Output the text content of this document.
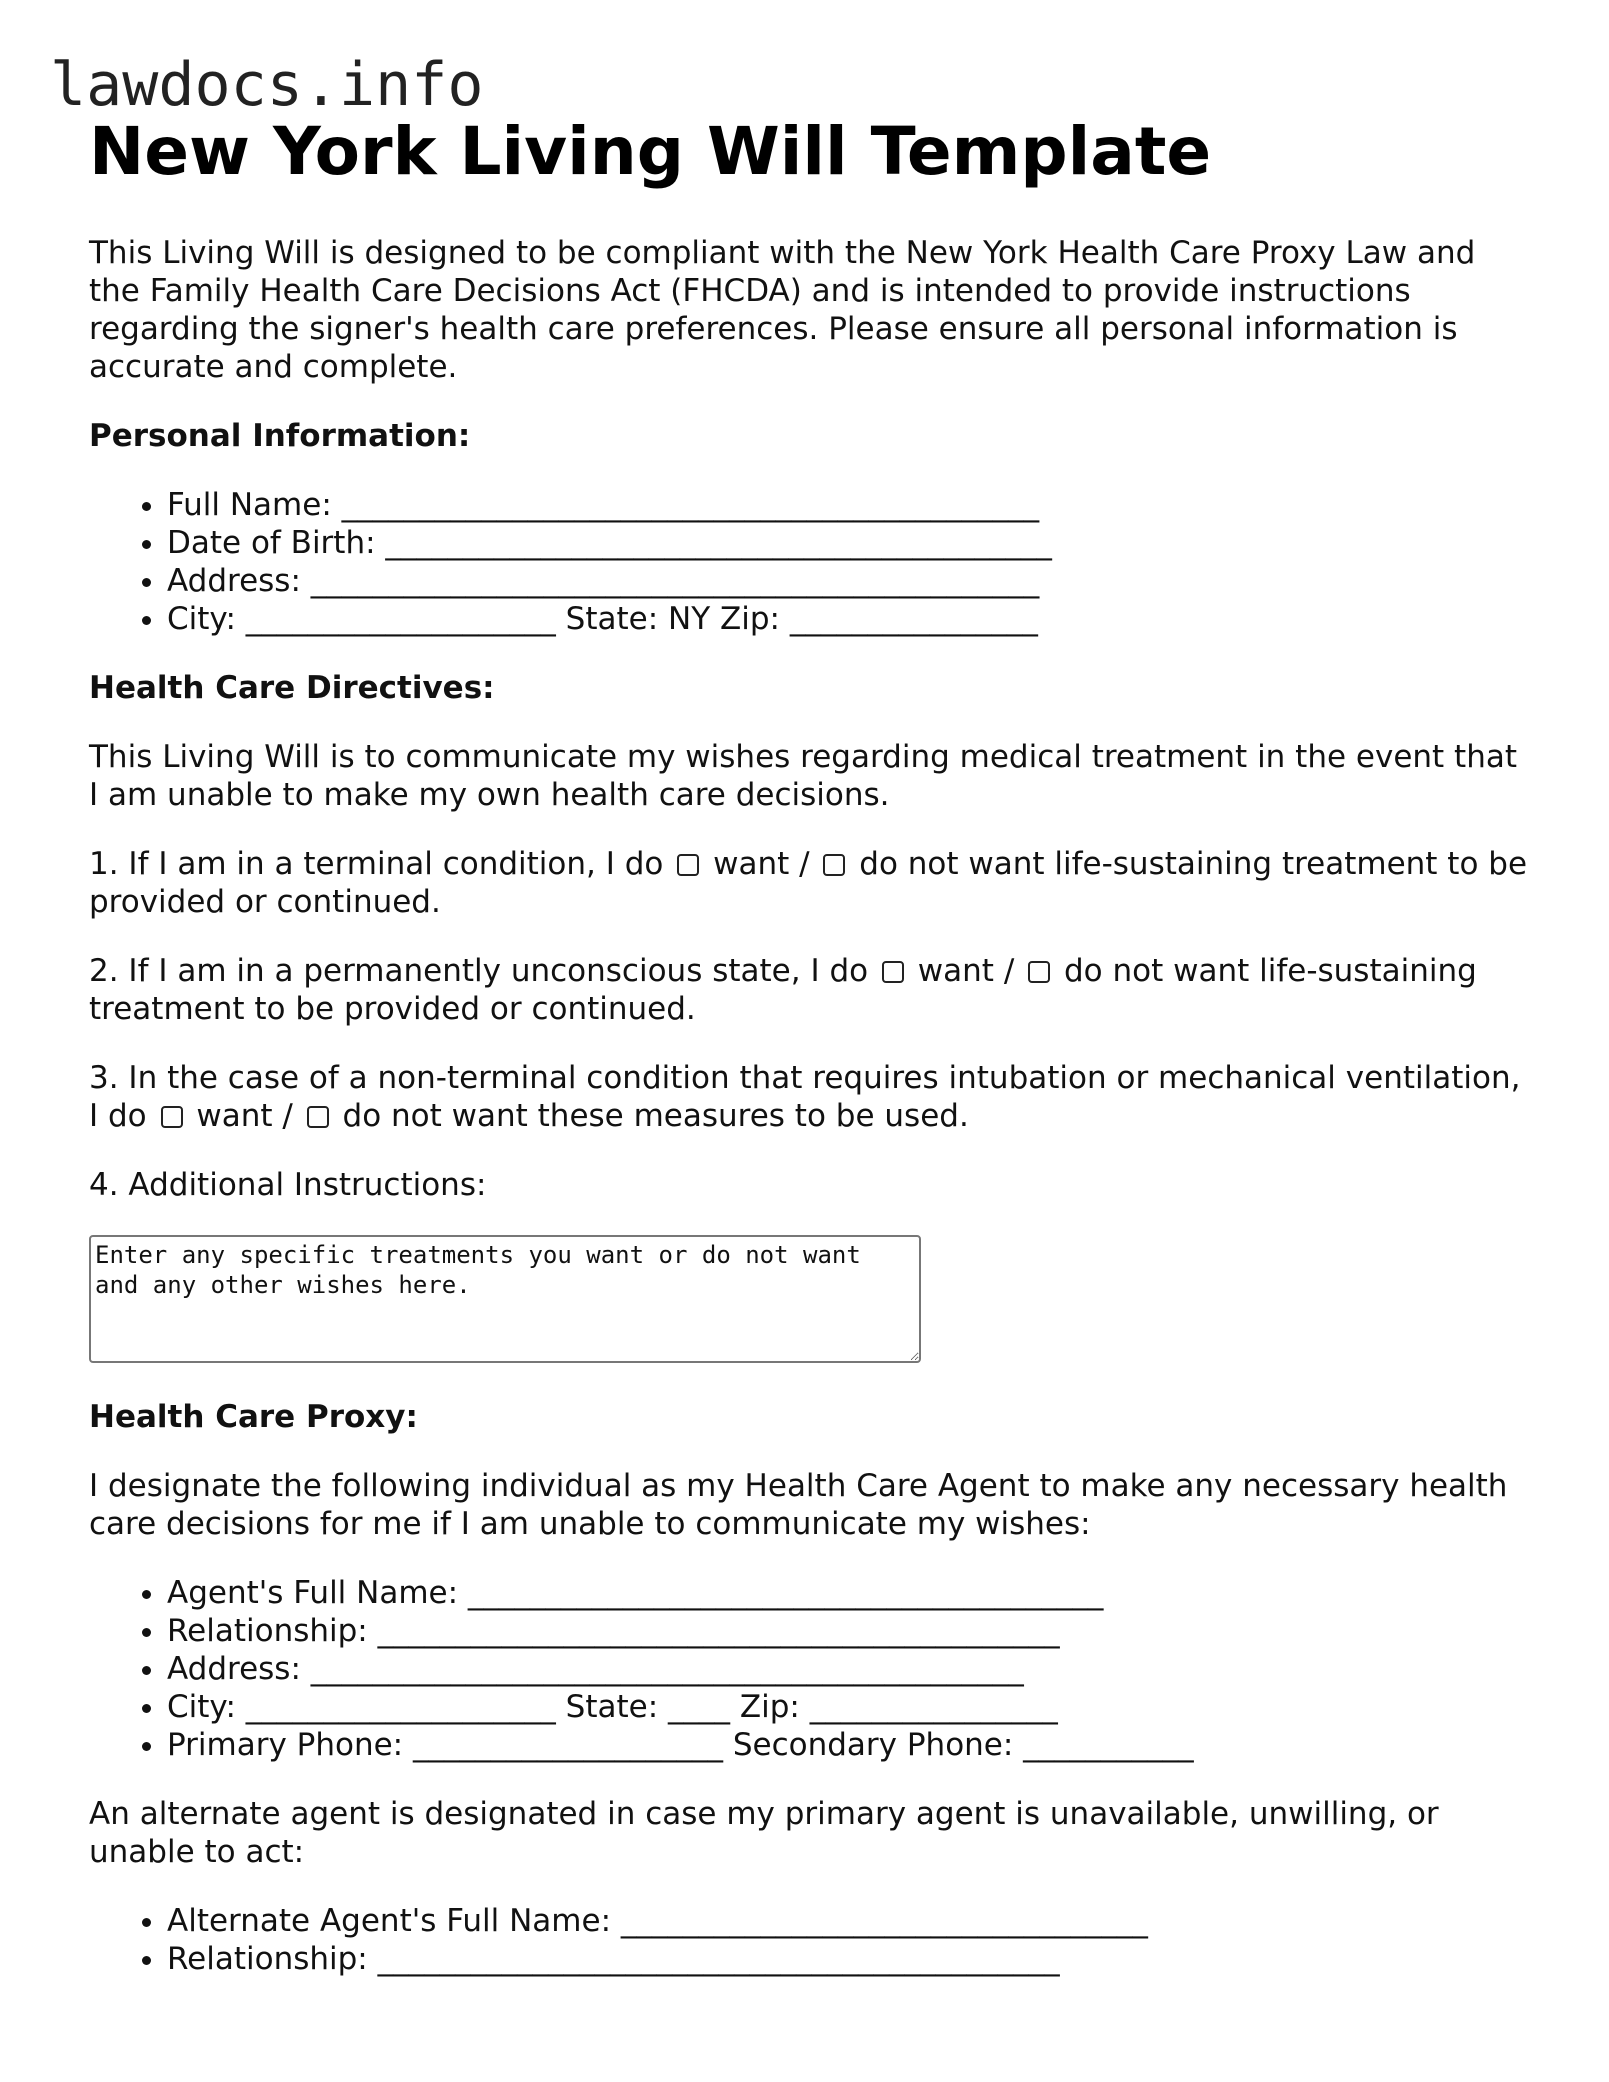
lawdocs.info
New York Living Will Template

This Living Will is designed to be compliant with the New York Health Care Proxy Law and the Family Health Care Decisions Act (FHCDA) and is intended to provide instructions regarding the signer's health care preferences. Please ensure all personal information is accurate and complete.

Personal Information:
• Full Name: _____________________________________________
• Date of Birth: ___________________________________________
• Address: _______________________________________________
• City: ____________________ State: NY Zip: ________________
Health Care Directives:

This Living Will is to communicate my wishes regarding medical treatment in the event that I am unable to make my own health care decisions.

1. If I am in a terminal condition, I do  want /  do not want life-sustaining treatment to be provided or continued.

2. If I am in a permanently unconscious state, I do  want /  do not want life-sustaining treatment to be provided or continued.

3. In the case of a non-terminal condition that requires intubation or mechanical ventilation, I do  want /  do not want these measures to be used.

4. Additional Instructions:

Enter any specific treatments you want or do not want and any other wishes here.
Health Care Proxy:

I designate the following individual as my Health Care Agent to make any necessary health care decisions for me if I am unable to communicate my wishes:

• Agent's Full Name: _________________________________________
• Relationship: ____________________________________________
• Address: ______________________________________________
• City: ____________________ State: ____ Zip: ________________
• Primary Phone: ____________________ Secondary Phone: ___________

An alternate agent is designated in case my primary agent is unavailable, unwilling, or unable to act:

• Alternate Agent's Full Name: __________________________________
• Relationship: ____________________________________________
